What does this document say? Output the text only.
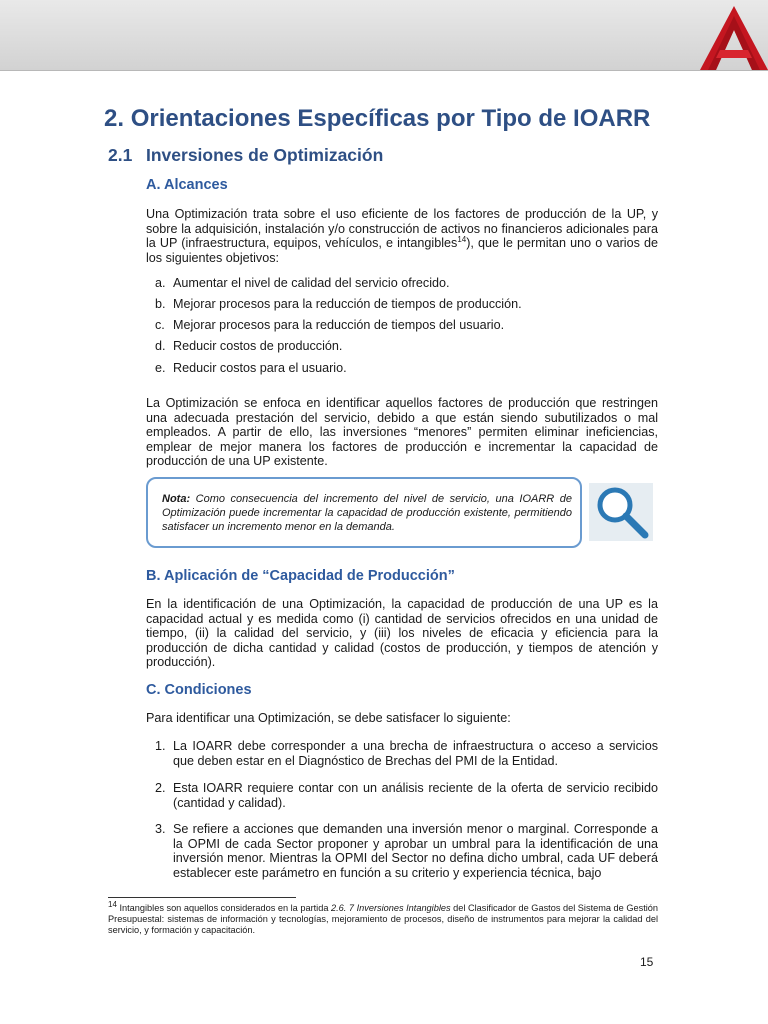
2. Orientaciones Específicas por Tipo de IOARR
2.1 Inversiones de Optimización
A. Alcances

Una Optimización trata sobre el uso eficiente de los factores de producción de la UP, y sobre la adquisición, instalación y/o construcción de activos no financieros adicionales para la UP (infraestructura, equipos, vehículos, e intangibles$^{14}$), que le permitan uno o varios de los siguientes objetivos:

a. Aumentar el nivel de calidad del servicio ofrecido.
b. Mejorar procesos para la reducción de tiempos de producción.
c. Mejorar procesos para la reducción de tiempos del usuario.
d. Reducir costos de producción.
e. Reducir costos para el usuario.

La Optimización se enfoca en identificar aquellos factores de producción que restringen una adecuada prestación del servicio, debido a que están siendo subutilizados o mal empleados. A partir de ello, las inversiones “menores” permiten eliminar ineficiencias, emplear de mejor manera los factores de producción e incrementar la capacidad de producción de una UP existente.

Nota: Como consecuencia del incremento del nivel de servicio, una IOARR de Optimización puede incrementar la capacidad de producción existente, permitiendo satisfacer un incremento menor en la demanda.

B. Aplicación de “Capacidad de Producción”

En la identificación de una Optimización, la capacidad de producción de una UP es la capacidad actual y es medida como (i) cantidad de servicios ofrecidos en una unidad de tiempo, (ii) la calidad del servicio, y (iii) los niveles de eficacia y eficiencia para la producción de dicha cantidad y calidad (costos de producción, y tiempos de atención y producción).

C. Condiciones

Para identificar una Optimización, se debe satisfacer lo siguiente:

1. La IOARR debe corresponder a una brecha de infraestructura o acceso a servicios que deben estar en el Diagnóstico de Brechas del PMI de la Entidad.
2. Esta IOARR requiere contar con un análisis reciente de la oferta de servicio recibido (cantidad y calidad).
3. Se refiere a acciones que demanden una inversión menor o marginal. Corresponde a la OPMI de cada Sector proponer y aprobar un umbral para la identificación de una inversión menor. Mientras la OPMI del Sector no defina dicho umbral, cada UF deberá establecer este parámetro en función a su criterio y experiencia técnica, bajo

$^{14}$ Intangibles son aquellos considerados en la partida 2.6. 7 Inversiones Intangibles del Clasificador de Gastos del Sistema de Gestión Presupuestal: sistemas de información y tecnologías, mejoramiento de procesos, diseño de instrumentos para mejorar la calidad del servicio, y formación y capacitación.

15
